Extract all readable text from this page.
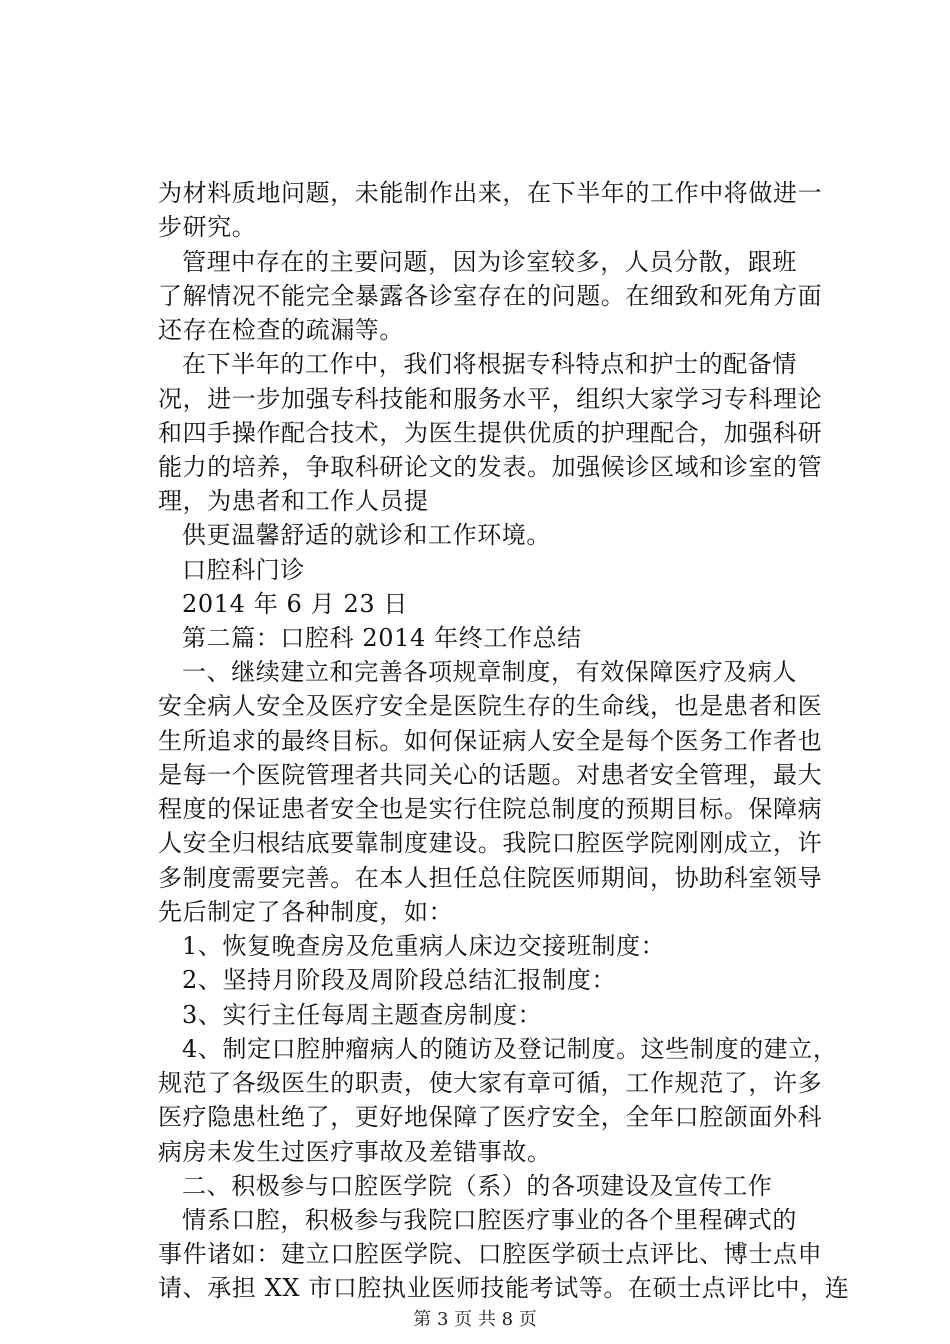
为材料质地问题，未能制作出来，在下半年的工作中将做进一
步研究。
管理中存在的主要问题，因为诊室较多，人员分散，跟班
了解情况不能完全暴露各诊室存在的问题。在细致和死角方面
还存在检查的疏漏等。
在下半年的工作中，我们将根据专科特点和护士的配备情
况，进一步加强专科技能和服务水平，组织大家学习专科理论
和四手操作配合技术，为医生提供优质的护理配合，加强科研
能力的培养，争取科研论文的发表。加强候诊区域和诊室的管
理，为患者和工作人员提
供更温馨舒适的就诊和工作环境。
口腔科门诊
2014 年 6 月 23 日
第二篇：口腔科 2014 年终工作总结
一、继续建立和完善各项规章制度，有效保障医疗及病人
安全病人安全及医疗安全是医院生存的生命线，也是患者和医
生所追求的最终目标。如何保证病人安全是每个医务工作者也
是每一个医院管理者共同关心的话题。对患者安全管理，最大
程度的保证患者安全也是实行住院总制度的预期目标。保障病
人安全归根结底要靠制度建设。我院口腔医学院刚刚成立，许
多制度需要完善。在本人担任总住院医师期间，协助科室领导
先后制定了各种制度，如：
1、恢复晚查房及危重病人床边交接班制度：
2、坚持月阶段及周阶段总结汇报制度：
3、实行主任每周主题查房制度：
4、制定口腔肿瘤病人的随访及登记制度。这些制度的建立，
规范了各级医生的职责，使大家有章可循，工作规范了，许多
医疗隐患杜绝了，更好地保障了医疗安全，全年口腔颌面外科
病房未发生过医疗事故及差错事故。
二、积极参与口腔医学院（系）的各项建设及宣传工作
情系口腔，积极参与我院口腔医疗事业的各个里程碑式的
事件诸如：建立口腔医学院、口腔医学硕士点评比、博士点申
请、承担 XX 市口腔执业医师技能考试等。在硕士点评比中，连
第 3 页 共 8 页
